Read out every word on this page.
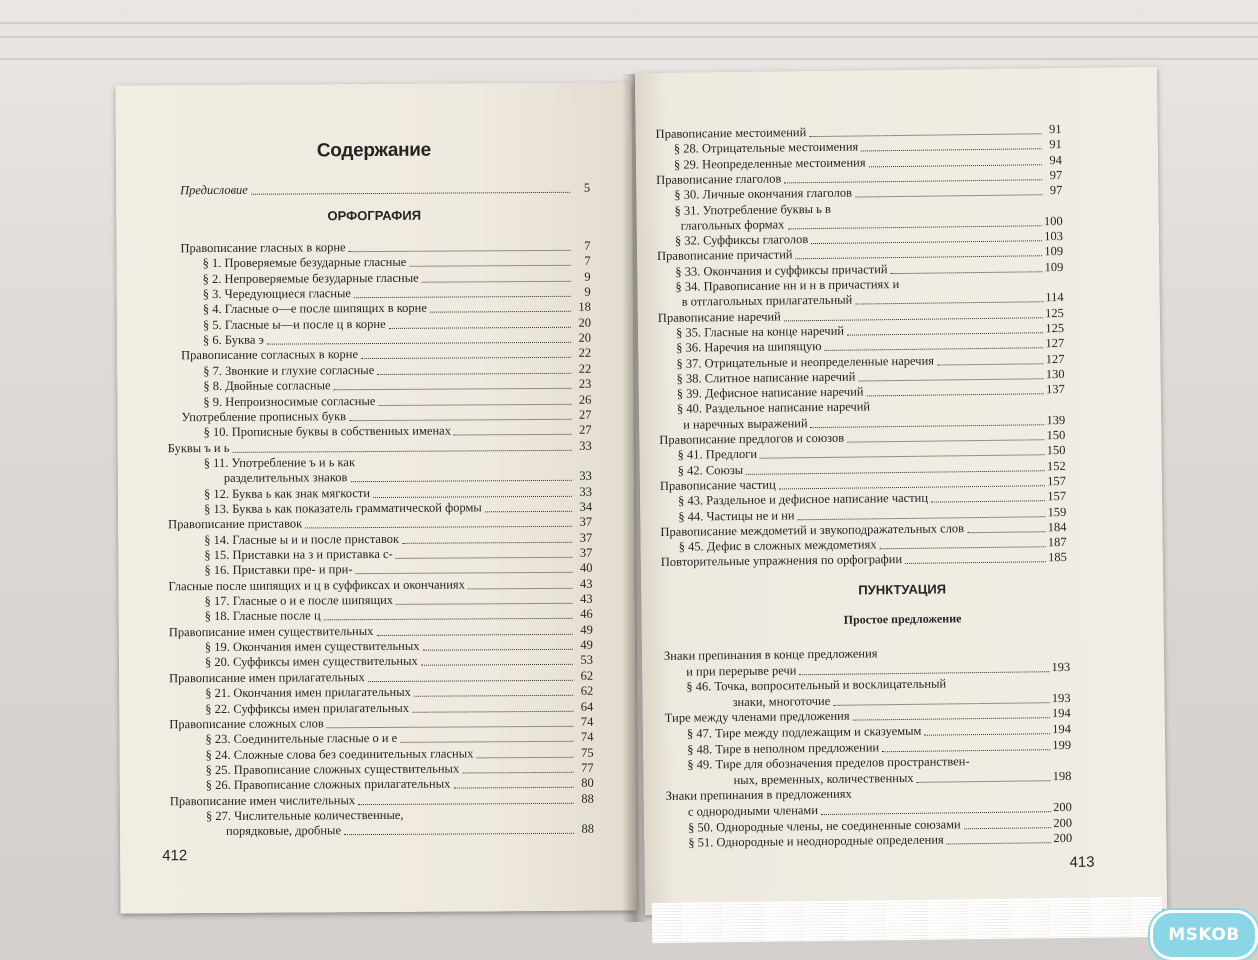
Содержание
Предисловие	5
ОРФОГРАФИЯ
Правописание гласных в корне	7
§ 1. Проверяемые безударные гласные	7
§ 2. Непроверяемые безударные гласные	9
§ 3. Чередующиеся гласные	9
§ 4. Гласные о—е после шипящих в корне	18
§ 5. Гласные ы—и после ц в корне	20
§ 6. Буква э	20
Правописание согласных в корне	22
§ 7. Звонкие и глухие согласные	22
§ 8. Двойные согласные	23
§ 9. Непроизносимые согласные	26
Употребление прописных букв	27
§ 10. Прописные буквы в собственных именах	27
Буквы ъ и ь	33
§ 11. Употребление ъ и ь как
разделительных знаков	33
§ 12. Буква ь как знак мягкости	33
§ 13. Буква ь как показатель грамматической формы	34
Правописание приставок	37
§ 14. Гласные ы и и после приставок	37
§ 15. Приставки на з и приставка с-	37
§ 16. Приставки пре- и при-	40
Гласные после шипящих и ц в суффиксах и окончаниях	43
§ 17. Гласные о и е после шипящих	43
§ 18. Гласные после ц	46
Правописание имен существительных	49
§ 19. Окончания имен существительных	49
§ 20. Суффиксы имен существительных	53
Правописание имен прилагательных	62
§ 21. Окончания имен прилагательных	62
§ 22. Суффиксы имен прилагательных	64
Правописание сложных слов	74
§ 23. Соединительные гласные о и е	74
§ 24. Сложные слова без соединительных гласных	75
§ 25. Правописание сложных существительных	77
§ 26. Правописание сложных прилагательных	80
Правописание имен числительных	88
§ 27. Числительные количественные,
порядковые, дробные	88
412
Правописание местоимений	91
§ 28. Отрицательные местоимения	91
§ 29. Неопределенные местоимения	94
Правописание глаголов	97
§ 30. Личные окончания глаголов	97
§ 31. Употребление буквы ь в
глагольных формах	100
§ 32. Суффиксы глаголов	103
Правописание причастий	109
§ 33. Окончания и суффиксы причастий	109
§ 34. Правописание нн и н в причастиях и
в отглагольных прилагательный	114
Правописание наречий	125
§ 35. Гласные на конце наречий	125
§ 36. Наречия на шипящую	127
§ 37. Отрицательные и неопределенные наречия	127
§ 38. Слитное написание наречий	130
§ 39. Дефисное написание наречий	137
§ 40. Раздельное написание наречий
и наречных выражений	139
Правописание предлогов и союзов	150
§ 41. Предлоги	150
§ 42. Союзы	152
Правописание частиц	157
§ 43. Раздельное и дефисное написание частиц	157
§ 44. Частицы не и ни	159
Правописание междометий и звукоподражательных слов	184
§ 45. Дефис в сложных междометиях	187
Повторительные упражнения по орфографии	185
ПУНКТУАЦИЯ
Простое предложение
Знаки препинания в конце предложения
и при перерыве речи	193
§ 46. Точка, вопросительный и восклицательный
знаки, многоточие	193
Тире между членами предложения	194
§ 47. Тире между подлежащим и сказуемым	194
§ 48. Тире в неполном предложении	199
§ 49. Тире для обозначения пределов пространствен-
ных, временных, количественных	198
Знаки препинания в предложениях
с однородными членами	200
§ 50. Однородные члены, не соединенные союзами	200
§ 51. Однородные и неоднородные определения	200
413
MSKOB
